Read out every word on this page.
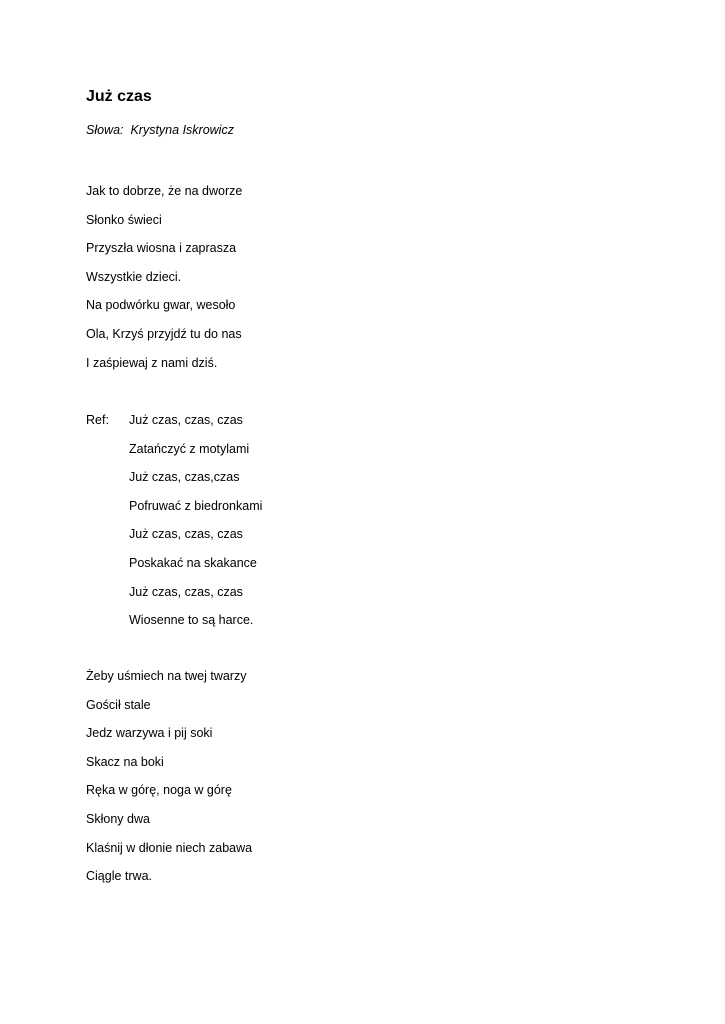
Już czas
Słowa:  Krystyna Iskrowicz
Jak to dobrze, że na dworze
Słonko świeci
Przyszła wiosna i zaprasza
Wszystkie dzieci.
Na podwórku gwar, wesoło
Ola, Krzyś przyjdź tu do nas
I zaśpiewaj z nami dziś.
Ref: Już czas, czas, czas
Zatańczyć z motylami
Już czas, czas,czas
Pofruwać z biedronkami
Już czas, czas, czas
Poskakać na skakance
Już czas, czas, czas
Wiosenne to są harce.
Żeby uśmiech na twej twarzy
Gościł stale
Jedz warzywa i pij soki
Skacz na boki
Ręka w górę, noga w górę
Skłony dwa
Klaśnij w dłonie niech zabawa
Ciągle trwa.
